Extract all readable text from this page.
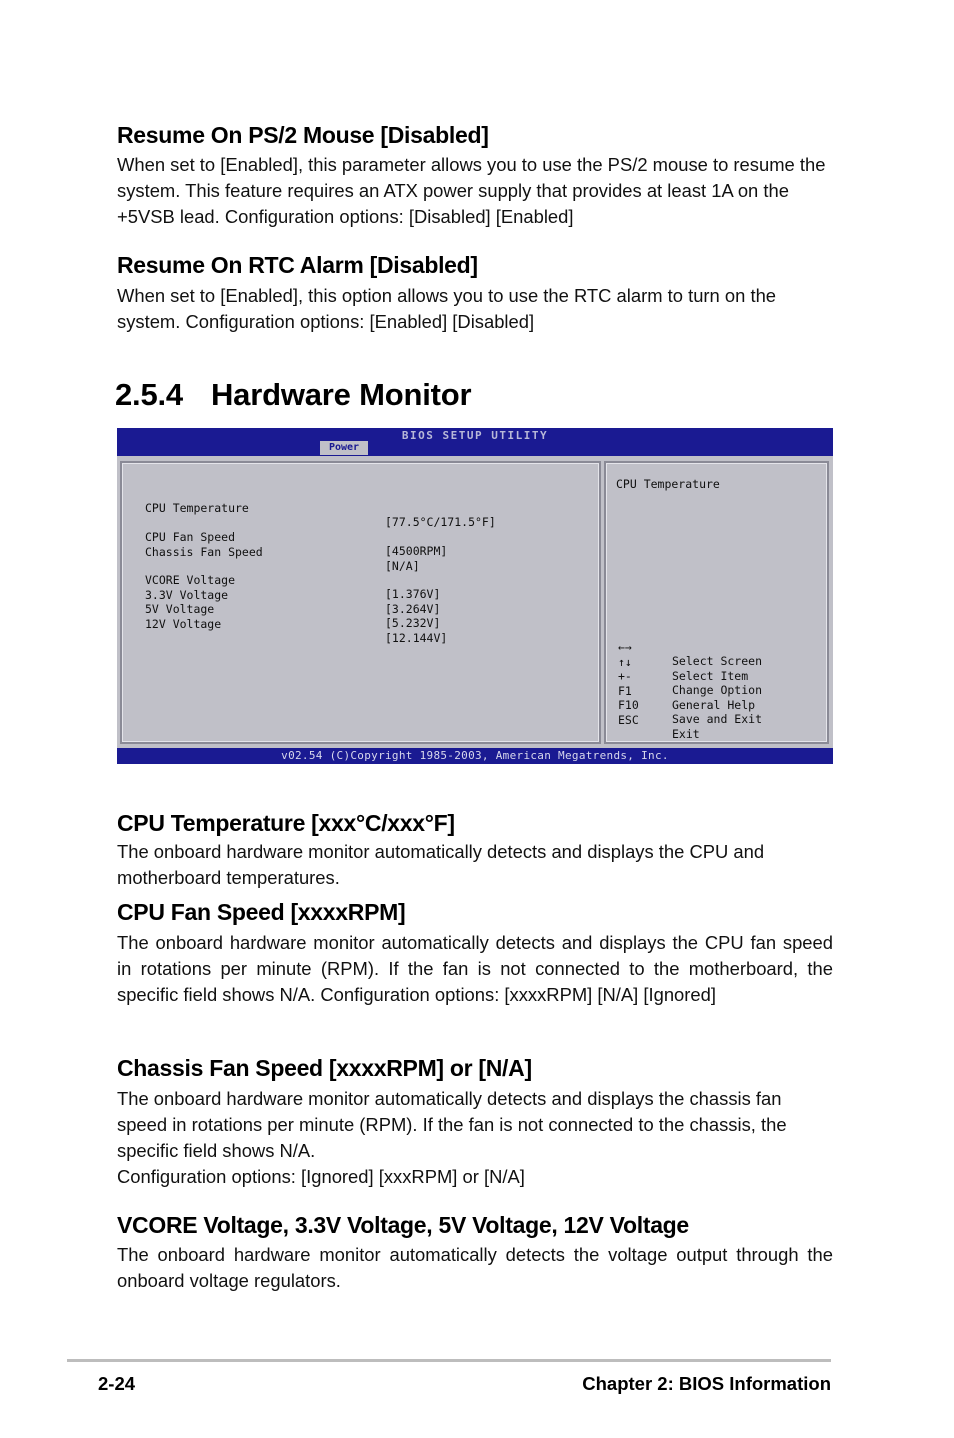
Resume On PS/2 Mouse [Disabled]

When set to [Enabled], this parameter allows you to use the PS/2 mouse to resume the system. This feature requires an ATX power supply that provides at least 1A on the +5VSB lead. Configuration options: [Disabled] [Enabled]

Resume On RTC Alarm [Disabled]

When set to [Enabled], this option allows you to use the RTC alarm to turn on the system. Configuration options: [Enabled] [Disabled]

2.5.4 Hardware Monitor
BIOS SETUP UTILITY
Power

CPU Temperature

[77.5°C/171.5°F]

CPU Fan Speed

[4500RPM]

Chassis Fan Speed

[N/A]

VCORE Voltage

[1.376V]

3.3V Voltage

[3.264V]

5V Voltage

[5.232V]

12V Voltage

[12.144V]

CPU Temperature

←→

Select Screen

↑↓

Select Item

+-

Change Option

F1

General Help

F10

Save and Exit

ESC

Exit

v02.54 (C)Copyright 1985-2003, American Megatrends, Inc.
CPU Temperature [xxx°C/xxx°F]

The onboard hardware monitor automatically detects and displays the CPU and motherboard temperatures.

CPU Fan Speed [xxxxRPM]

The onboard hardware monitor automatically detects and displays the CPU fan speed in rotations per minute (RPM). If the fan is not connected to the motherboard, the specific field shows N/A. Configuration options: [xxxxRPM] [N/A] [Ignored]

Chassis Fan Speed [xxxxRPM] or [N/A]

The onboard hardware monitor automatically detects and displays the chassis fan speed in rotations per minute (RPM). If the fan is not connected to the chassis, the specific field shows N/A.

Configuration options: [Ignored] [xxxRPM] or [N/A]

VCORE Voltage, 3.3V Voltage, 5V Voltage, 12V Voltage

The onboard hardware monitor automatically detects the voltage output through the onboard voltage regulators.

2-24	Chapter 2: BIOS Information
